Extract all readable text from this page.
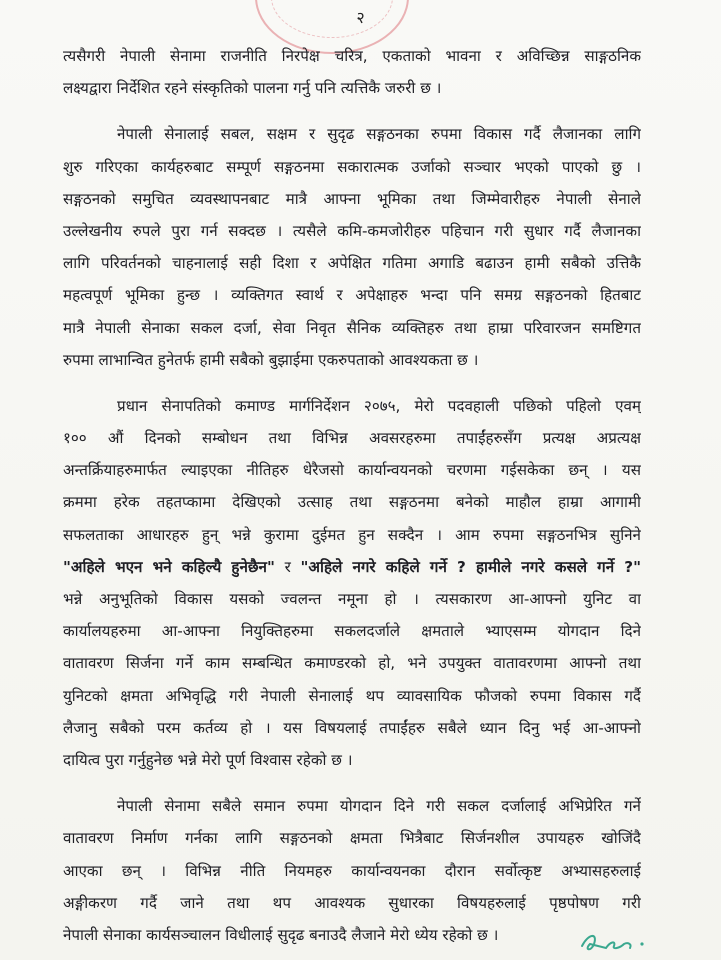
२
त्यसैगरी नेपाली सेनामा राजनीति निरपेक्ष चरित्र, एकताको भावना र अविच्छिन्न साङ्गठनिक
लक्ष्यद्वारा निर्देशित रहने संस्कृतिको पालना गर्नु पनि त्यत्तिकै जरुरी छ ।
नेपाली सेनालाई सबल, सक्षम र सुदृढ सङ्गठनका रुपमा विकास गर्दै लैजानका लागि
शुरु गरिएका कार्यहरुबाट सम्पूर्ण सङ्गठनमा सकारात्मक उर्जाको सञ्चार भएको पाएको छु ।
सङ्गठनको समुचित व्यवस्थापनबाट मात्रै आफ्ना भूमिका तथा जिम्मेवारीहरु नेपाली सेनाले
उल्लेखनीय रुपले पुरा गर्न सक्दछ । त्यसैले कमि-कमजोरीहरु पहिचान गरी सुधार गर्दै लैजानका
लागि परिवर्तनको चाहनालाई सही दिशा र अपेक्षित गतिमा अगाडि बढाउन हामी सबैको उत्तिकै
महत्वपूर्ण भूमिका हुन्छ । व्यक्तिगत स्वार्थ र अपेक्षाहरु भन्दा पनि समग्र सङ्गठनको हितबाट
मात्रै नेपाली सेनाका सकल दर्जा, सेवा निवृत सैनिक व्यक्तिहरु तथा हाम्रा परिवारजन समष्टिगत
रुपमा लाभान्वित हुनेतर्फ हामी सबैको बुझाईमा एकरुपताको आवश्यकता छ ।
प्रधान सेनापतिको कमाण्ड मार्गनिर्देशन २०७५, मेरो पदवहाली पछिको पहिलो एवम्
१०० औं दिनको सम्बोधन तथा विभिन्न अवसरहरुमा तपाईंहरुसँग प्रत्यक्ष अप्रत्यक्ष
अन्तर्क्रियाहरुमार्फत ल्याइएका नीतिहरु धेरैजसो कार्यान्वयनको चरणमा गईसकेका छन् । यस
क्रममा हरेक तहतप्कामा देखिएको उत्साह तथा सङ्गठनमा बनेको माहौल हाम्रा आगामी
सफलताका आधारहरु हुन् भन्ने कुरामा दुईमत हुन सक्दैन । आम रुपमा सङ्गठनभित्र सुनिने
"अहिले भएन भने कहिल्यै हुनेछैन" र "अहिले नगरे कहिले गर्ने ? हामीले नगरे कसले गर्ने ?"
भन्ने अनुभूतिको विकास यसको ज्वलन्त नमूना हो । त्यसकारण आ-आफ्नो युनिट वा
कार्यालयहरुमा आ-आफ्ना नियुक्तिहरुमा सकलदर्जाले क्षमताले भ्याएसम्म योगदान दिने
वातावरण सिर्जना गर्ने काम सम्बन्धित कमाण्डरको हो, भने उपयुक्त वातावरणमा आफ्नो तथा
युनिटको क्षमता अभिवृद्धि गरी नेपाली सेनालाई थप व्यावसायिक फौजको रुपमा विकास गर्दै
लैजानु सबैको परम कर्तव्य हो । यस विषयलाई तपाईंहरु सबैले ध्यान दिनु भई आ-आफ्नो
दायित्व पुरा गर्नुहुनेछ भन्ने मेरो पूर्ण विश्वास रहेको छ ।
नेपाली सेनामा सबैले समान रुपमा योगदान दिने गरी सकल दर्जालाई अभिप्रेरित गर्ने
वातावरण निर्माण गर्नका लागि सङ्गठनको क्षमता भित्रैबाट सिर्जनशील उपायहरु खोजिंदै
आएका छन् । विभिन्न नीति नियमहरु कार्यान्वयनका दौरान सर्वोत्कृष्ट अभ्यासहरुलाई
अङ्गीकरण गर्दै जाने तथा थप आवश्यक सुधारका विषयहरुलाई पृष्ठपोषण गरी
नेपाली सेनाका कार्यसञ्चालन विधीलाई सुदृढ बनाउदै लैजाने मेरो ध्येय रहेको छ ।
